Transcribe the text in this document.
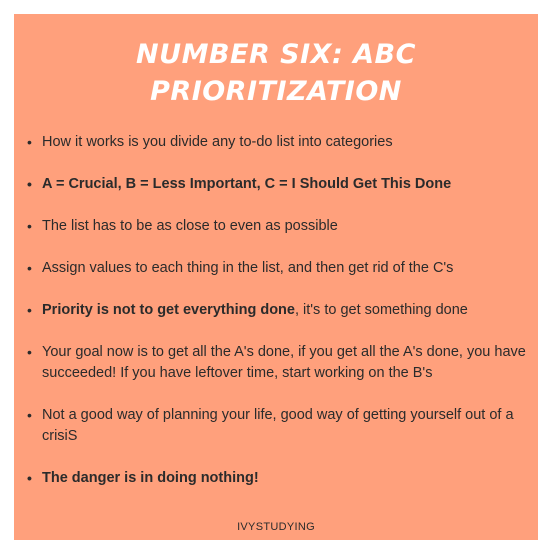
NUMBER SIX: ABC
PRIORITIZATION
• How it works is you divide any to-do list into categories
• A = Crucial, B = Less Important, C = I Should Get This Done
• The list has to be as close to even as possible
• Assign values to each thing in the list, and then get rid of the C's
• Priority is not to get everything done, it's to get something done
• Your goal now is to get all the A's done, if you get all the A's done, you have succeeded! If you have leftover time, start working on the B's
• Not a good way of planning your life, good way of getting yourself out of a crisiS
• The danger is in doing nothing!
IVYSTUDYING
